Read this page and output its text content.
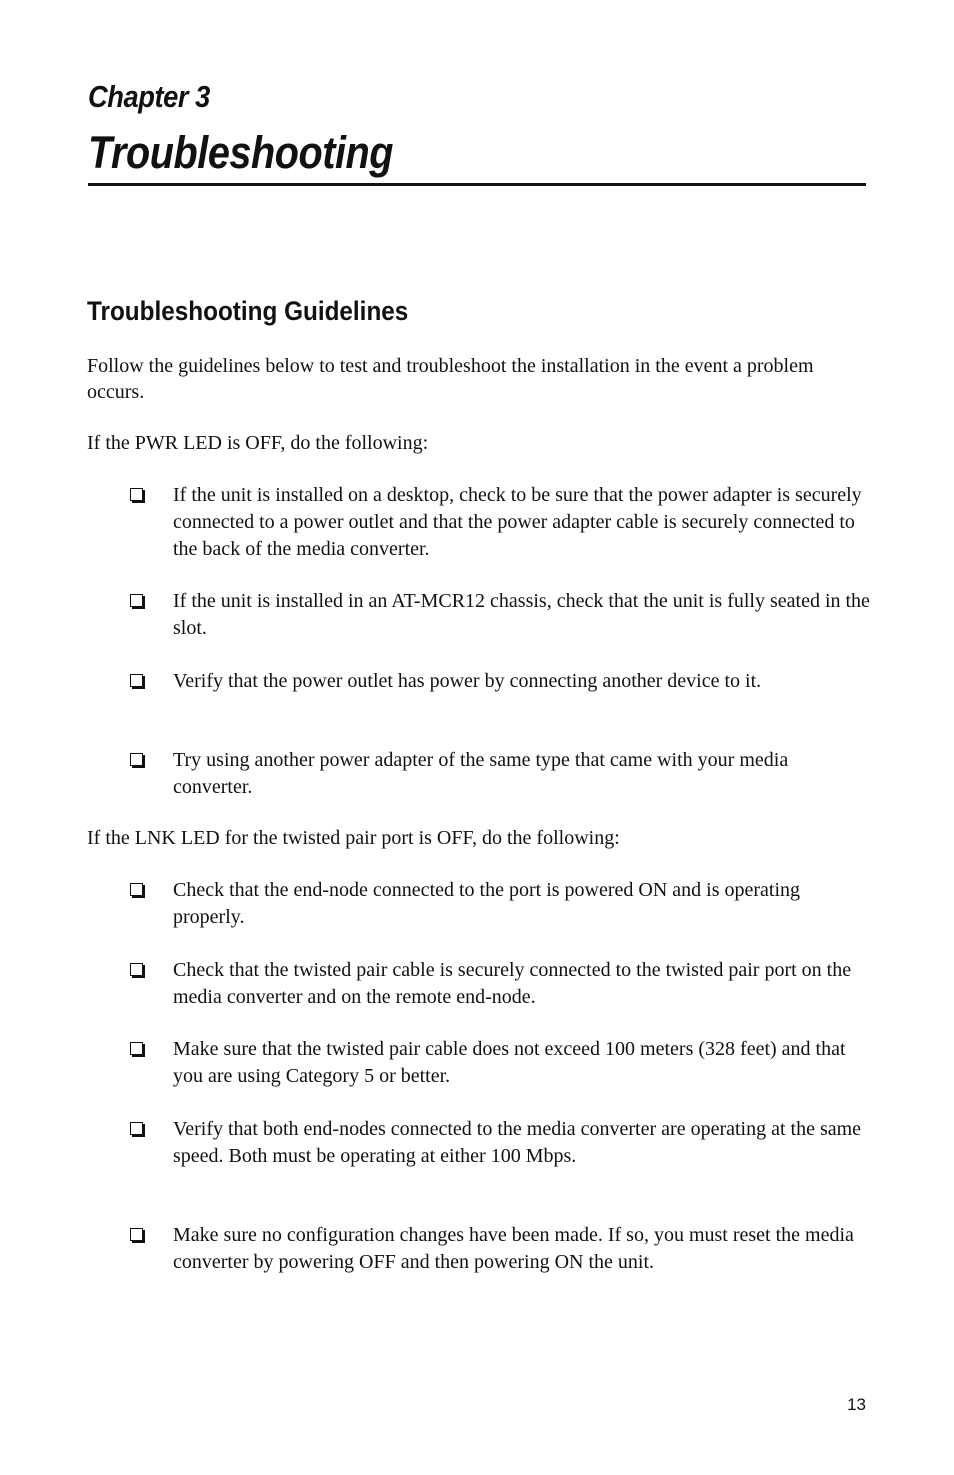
Chapter 3
Troubleshooting
Troubleshooting Guidelines

Follow the guidelines below to test and troubleshoot the installation in the event a problem occurs.

If the PWR LED is OFF, do the following:

If the unit is installed on a desktop, check to be sure that the power adapter is securely connected to a power outlet and that the power adapter cable is securely connected to the back of the media converter.
If the unit is installed in an AT-MCR12 chassis, check that the unit is fully seated in the slot.
Verify that the power outlet has power by connecting another device to it.
Try using another power adapter of the same type that came with your media converter.

If the LNK LED for the twisted pair port is OFF, do the following:

Check that the end-node connected to the port is powered ON and is operating properly.
Check that the twisted pair cable is securely connected to the twisted pair port on the media converter and on the remote end-node.
Make sure that the twisted pair cable does not exceed 100 meters (328 feet) and that you are using Category 5 or better.
Verify that both end-nodes connected to the media converter are operating at the same speed. Both must be operating at either 100 Mbps.
Make sure no configuration changes have been made. If so, you must reset the media converter by powering OFF and then powering ON the unit.
13
